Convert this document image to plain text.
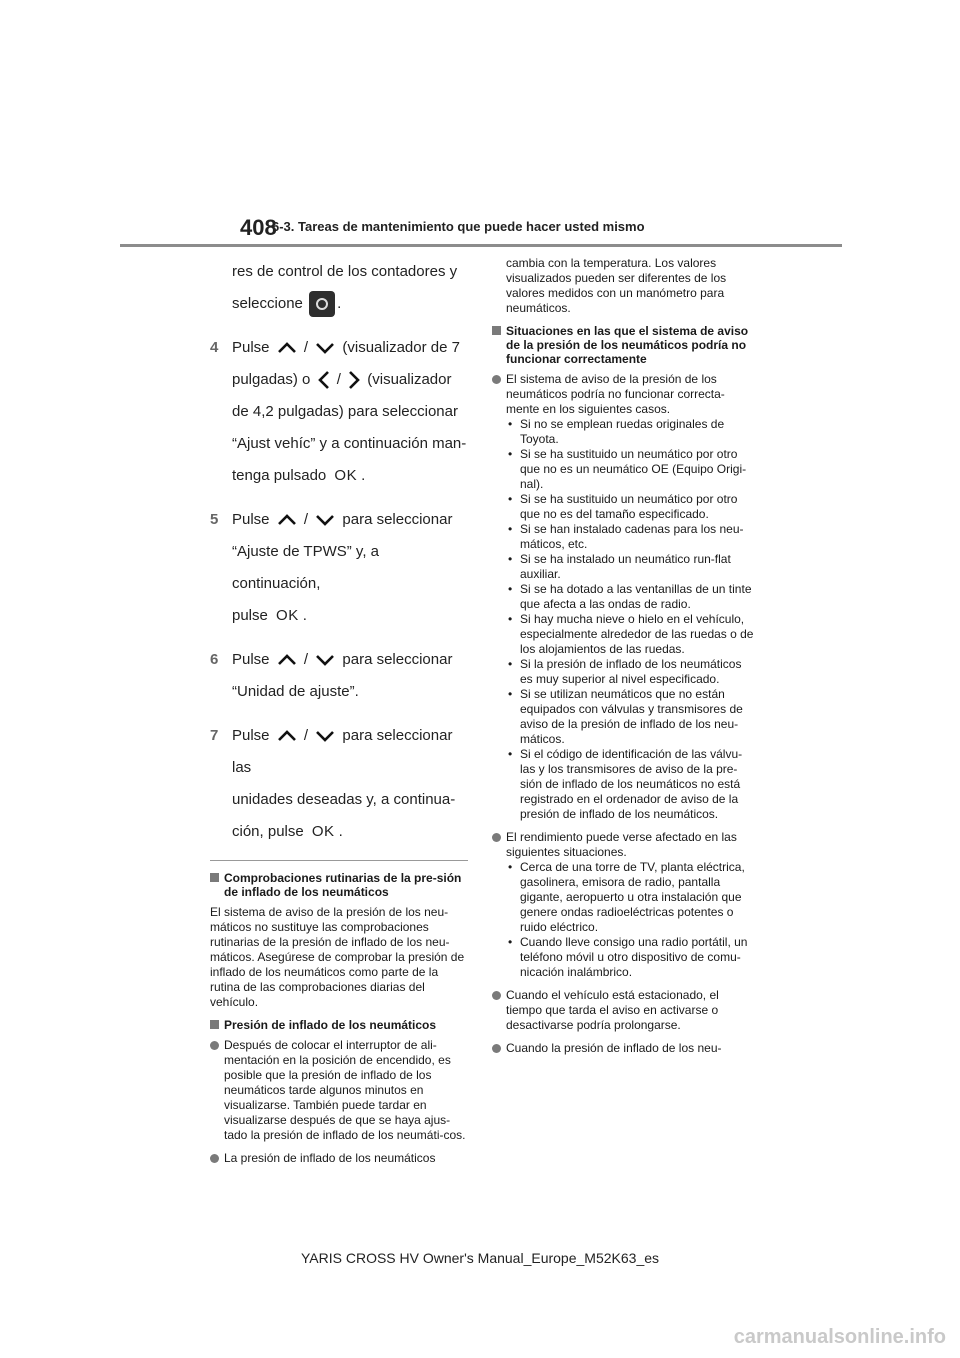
408
6-3. Tareas de mantenimiento que puede hacer usted mismo
res de control de los contadores y
seleccione .
4 Pulse / (visualizador de 7
pulgadas) o / (visualizador
de 4,2 pulgadas) para seleccionar
“Ajust vehíc” y a continuación man-
tenga pulsado OK .
5 Pulse / para seleccionar
“Ajuste de TPWS” y, a continuación,
pulse OK .
6 Pulse / para seleccionar
“Unidad de ajuste”.
7 Pulse / para seleccionar las
unidades deseadas y, a continua-
ción, pulse OK .
Comprobaciones rutinarias de la pre-sión de inflado de los neumáticos

El sistema de aviso de la presión de los neu-máticos no sustituye las comprobaciones rutinarias de la presión de inflado de los neu-máticos. Asegúrese de comprobar la presión de inflado de los neumáticos como parte de la rutina de las comprobaciones diarias del vehículo.

Presión de inflado de los neumáticos
Después de colocar el interruptor de ali-mentación en la posición de encendido, es posible que la presión de inflado de los neumáticos tarde algunos minutos en visualizarse. También puede tardar en visualizarse después de que se haya ajus-tado la presión de inflado de los neumáti-cos.
La presión de inflado de los neumáticos

cambia con la temperatura. Los valores visualizados pueden ser diferentes de los valores medidos con un manómetro para neumáticos.

Situaciones en las que el sistema de aviso de la presión de los neumáticos podría no funcionar correctamente
El sistema de aviso de la presión de los neumáticos podría no funcionar correcta-mente en los siguientes casos.

• Si no se emplean ruedas originales de Toyota.

• Si se ha sustituido un neumático por otro que no es un neumático OE (Equipo Origi-nal).

• Si se ha sustituido un neumático por otro que no es del tamaño especificado.

• Si se han instalado cadenas para los neu-máticos, etc.

• Si se ha instalado un neumático run-flat auxiliar.

• Si se ha dotado a las ventanillas de un tinte que afecta a las ondas de radio.

• Si hay mucha nieve o hielo en el vehículo, especialmente alrededor de las ruedas o de los alojamientos de las ruedas.

• Si la presión de inflado de los neumáticos es muy superior al nivel especificado.

• Si se utilizan neumáticos que no están equipados con válvulas y transmisores de aviso de la presión de inflado de los neu-máticos.

• Si el código de identificación de las válvu-las y los transmisores de aviso de la pre-sión de inflado de los neumáticos no está registrado en el ordenador de aviso de la presión de inflado de los neumáticos.

El rendimiento puede verse afectado en las siguientes situaciones.

• Cerca de una torre de TV, planta eléctrica, gasolinera, emisora de radio, pantalla gigante, aeropuerto u otra instalación que genere ondas radioeléctricas potentes o ruido eléctrico.

• Cuando lleve consigo una radio portátil, un teléfono móvil u otro dispositivo de comu-nicación inalámbrico.

Cuando el vehículo está estacionado, el tiempo que tarda el aviso en activarse o desactivarse podría prolongarse.
Cuando la presión de inflado de los neu-
YARIS CROSS HV Owner's Manual_Europe_M52K63_es
carmanualsonline.info
